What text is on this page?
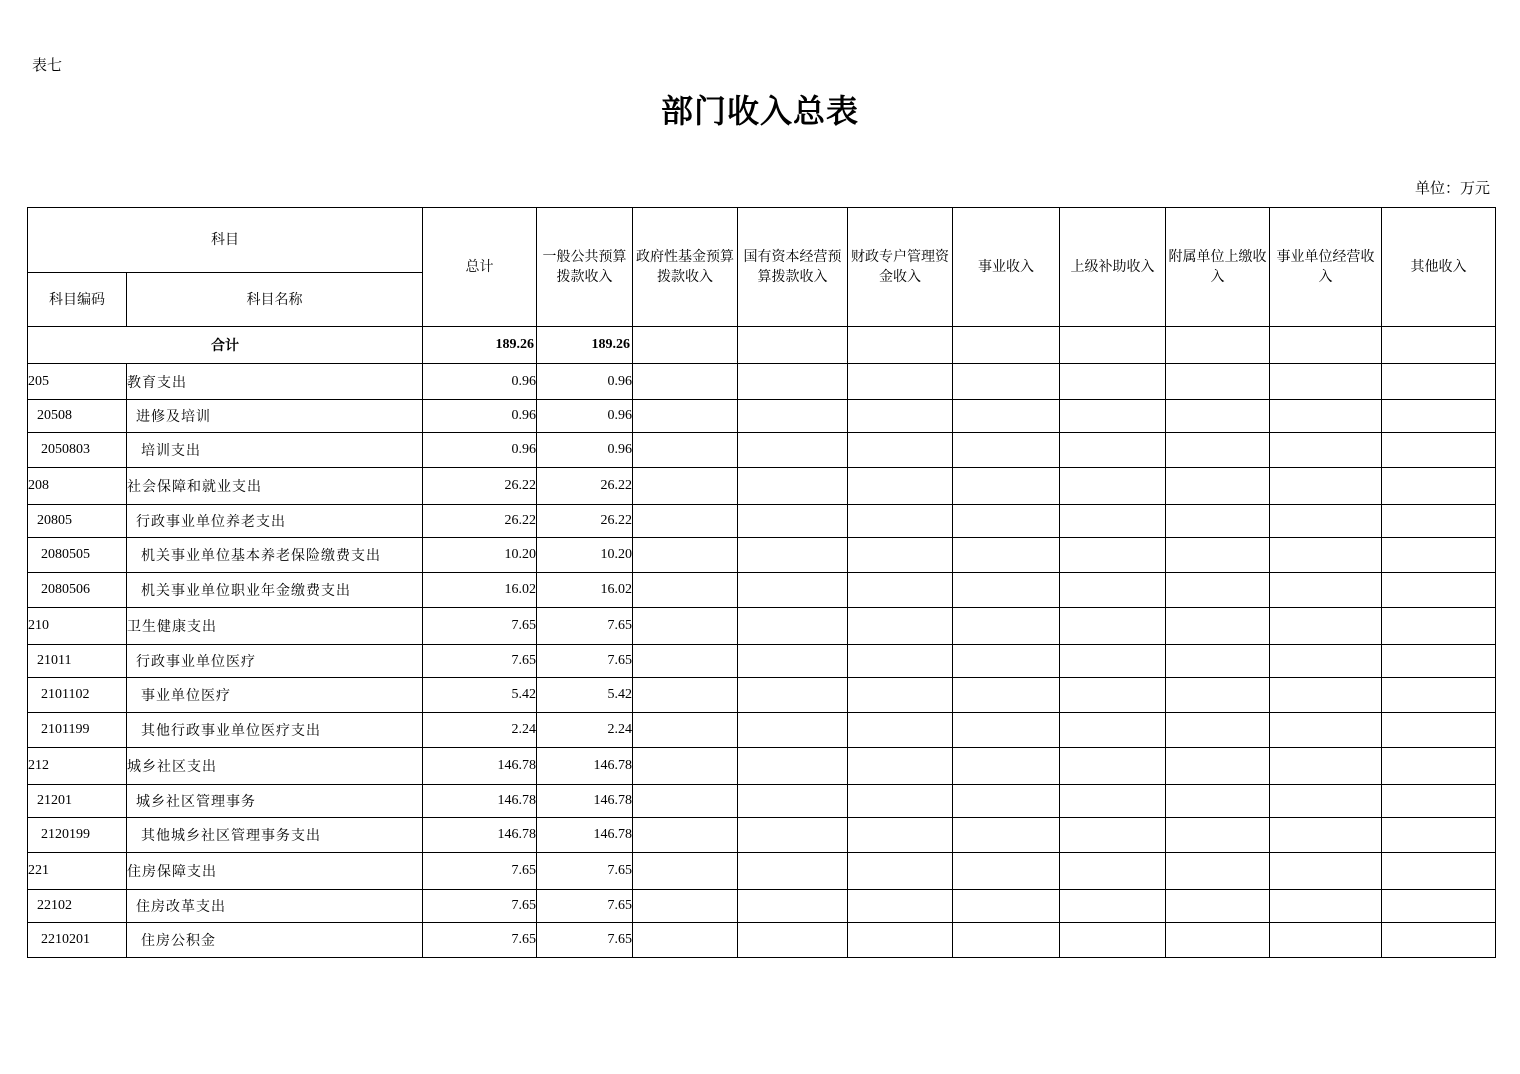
表七
部门收入总表
单位：万元
科目		总计	一般公共预算拨款收入	政府性基金预算拨款收入	国有资本经营预算拨款收入	财政专户管理资金收入	事业收入	上级补助收入	附属单位上缴收入	事业单位经营收入	其他收入
科目编码	科目名称										
合计		189.26	189.26								
205	教育支出	0.96	0.96								
20508	进修及培训	0.96	0.96								
2050803	培训支出	0.96	0.96								
208	社会保障和就业支出	26.22	26.22								
20805	行政事业单位养老支出	26.22	26.22								
2080505	机关事业单位基本养老保险缴费支出	10.20	10.20								
2080506	机关事业单位职业年金缴费支出	16.02	16.02								
210	卫生健康支出	7.65	7.65								
21011	行政事业单位医疗	7.65	7.65								
2101102	事业单位医疗	5.42	5.42								
2101199	其他行政事业单位医疗支出	2.24	2.24								
212	城乡社区支出	146.78	146.78								
21201	城乡社区管理事务	146.78	146.78								
2120199	其他城乡社区管理事务支出	146.78	146.78								
221	住房保障支出	7.65	7.65								
22102	住房改革支出	7.65	7.65								
2210201	住房公积金	7.65	7.65								
